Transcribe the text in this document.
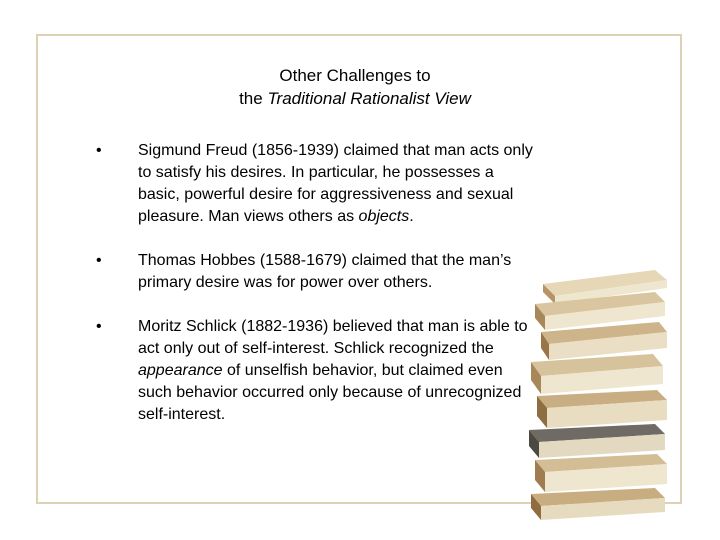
Other Challenges to
the Traditional Rationalist View
•	Sigmund Freud (1856-1939) claimed that man acts only to satisfy his desires. In particular, he possesses a basic, powerful desire for aggressiveness and sexual pleasure. Man views others as objects.
•	Thomas Hobbes (1588-1679) claimed that the man’s primary desire was for power over others.
•	Moritz Schlick (1882-1936) believed that man is able to act only out of self-interest. Schlick recognized the appearance of unselfish behavior, but claimed even such behavior occurred only because of unrecognized self-interest.
